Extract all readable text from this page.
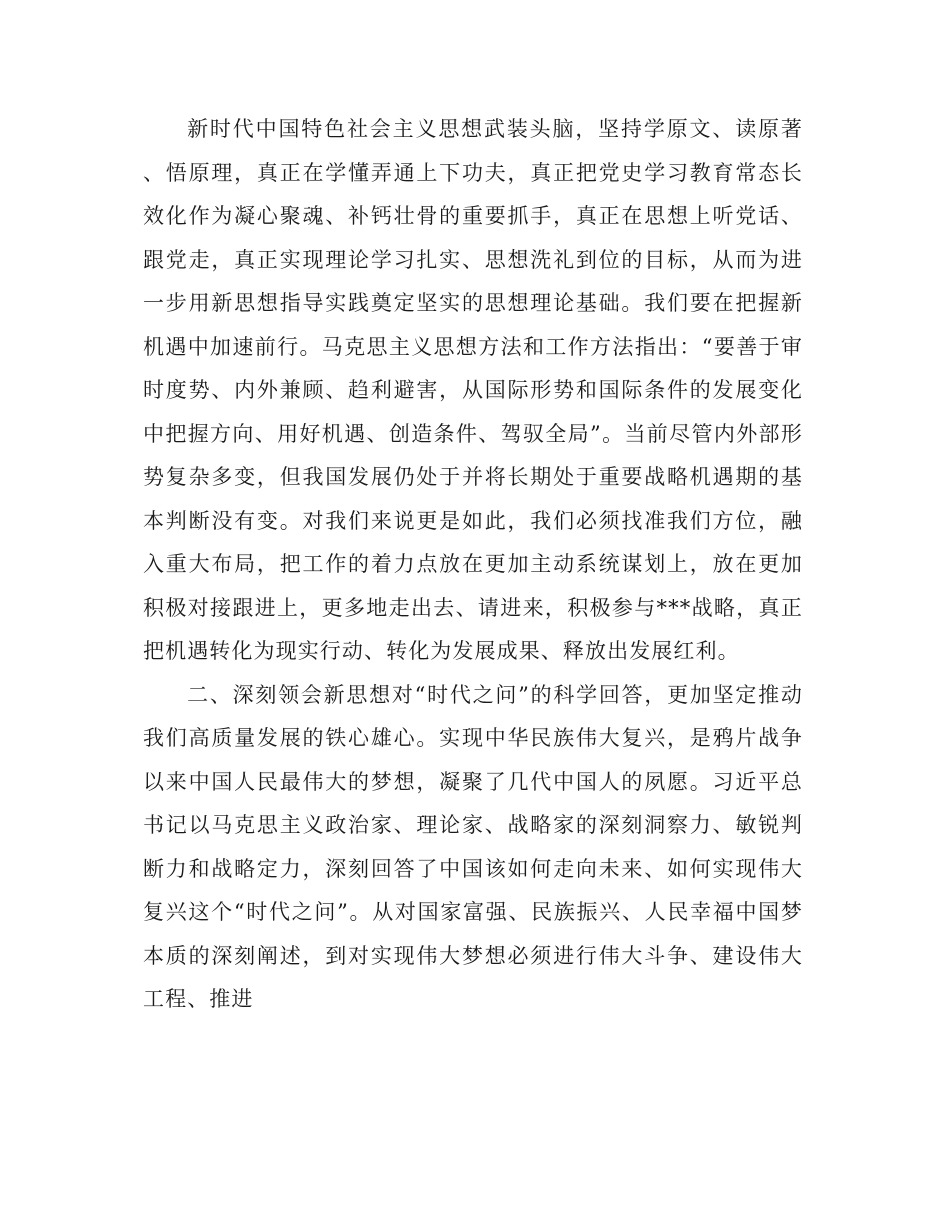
新时代中国特色社会主义思想武装头脑，坚持学原文、读原著、悟原理，真正在学懂弄通上下功夫，真正把党史学习教育常态长效化作为凝心聚魂、补钙壮骨的重要抓手，真正在思想上听党话、跟党走，真正实现理论学习扎实、思想洗礼到位的目标，从而为进一步用新思想指导实践奠定坚实的思想理论基础。我们要在把握新机遇中加速前行。马克思主义思想方法和工作方法指出：“要善于审时度势、内外兼顾、趋利避害，从国际形势和国际条件的发展变化中把握方向、用好机遇、创造条件、驾驭全局”。当前尽管内外部形势复杂多变，但我国发展仍处于并将长期处于重要战略机遇期的基本判断没有变。对我们来说更是如此，我们必须找准我们方位，融入重大布局，把工作的着力点放在更加主动系统谋划上，放在更加积极对接跟进上，更多地走出去、请进来，积极参与***战略，真正把机遇转化为现实行动、转化为发展成果、释放出发展红利。

二、深刻领会新思想对“时代之问”的科学回答，更加坚定推动我们高质量发展的铁心雄心。实现中华民族伟大复兴，是鸦片战争以来中国人民最伟大的梦想，凝聚了几代中国人的夙愿。习近平总书记以马克思主义政治家、理论家、战略家的深刻洞察力、敏锐判断力和战略定力，深刻回答了中国该如何走向未来、如何实现伟大复兴这个“时代之问”。从对国家富强、民族振兴、人民幸福中国梦本质的深刻阐述，到对实现伟大梦想必须进行伟大斗争、建设伟大工程、推进
